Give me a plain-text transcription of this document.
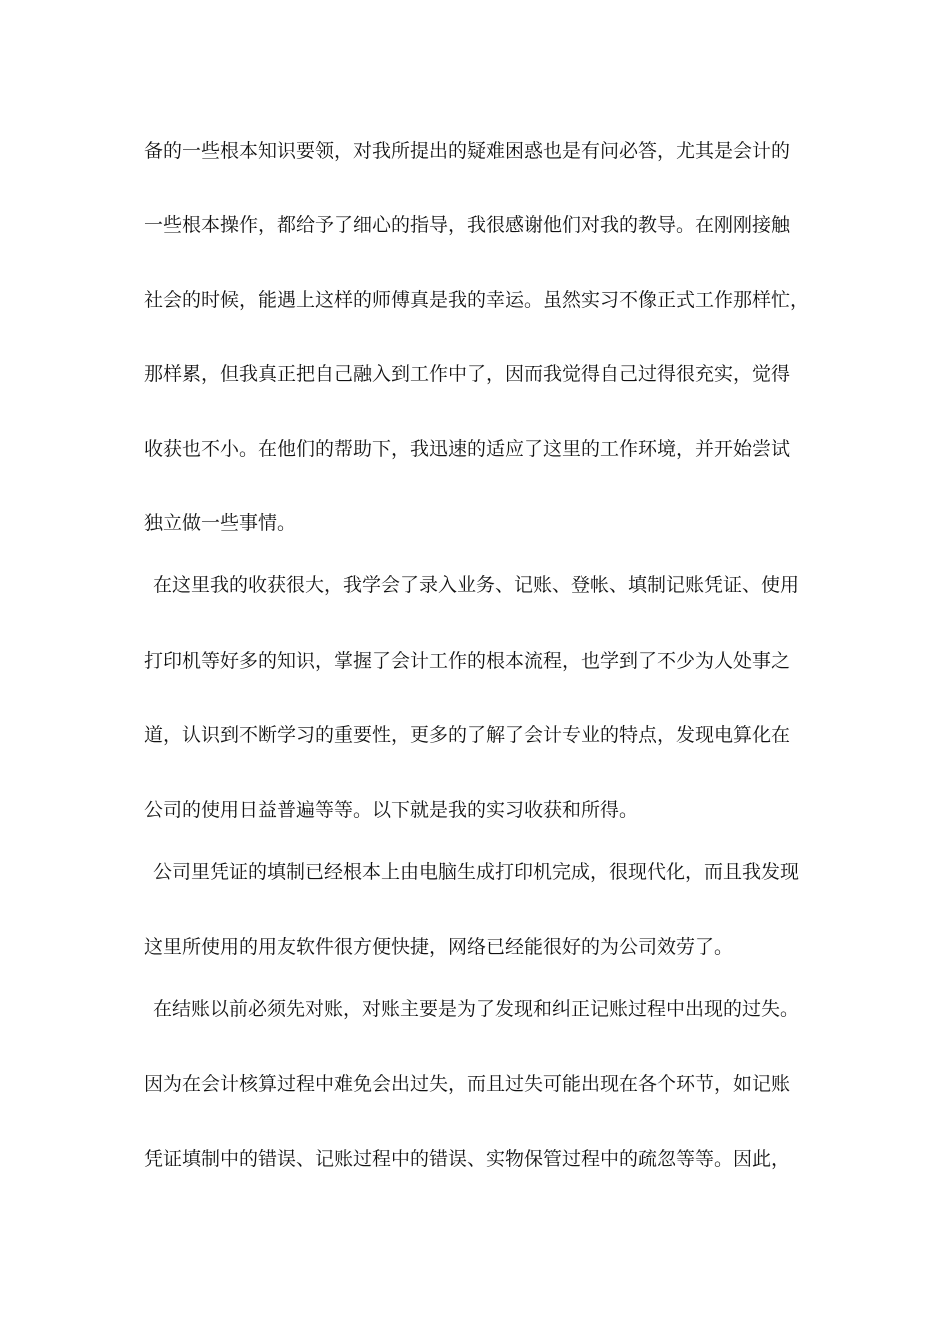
备的一些根本知识要领，对我所提出的疑难困惑也是有问必答，尤其是会计的
一些根本操作，都给予了细心的指导，我很感谢他们对我的教导。在刚刚接触
社会的时候，能遇上这样的师傅真是我的幸运。虽然实习不像正式工作那样忙，
那样累，但我真正把自己融入到工作中了，因而我觉得自己过得很充实，觉得
收获也不小。在他们的帮助下，我迅速的适应了这里的工作环境，并开始尝试
独立做一些事情。
在这里我的收获很大，我学会了录入业务、记账、登帐、填制记账凭证、使用
打印机等好多的知识，掌握了会计工作的根本流程，也学到了不少为人处事之
道，认识到不断学习的重要性，更多的了解了会计专业的特点，发现电算化在
公司的使用日益普遍等等。以下就是我的实习收获和所得。
公司里凭证的填制已经根本上由电脑生成打印机完成，很现代化，而且我发现
这里所使用的用友软件很方便快捷，网络已经能很好的为公司效劳了。
在结账以前必须先对账，对账主要是为了发现和纠正记账过程中出现的过失。
因为在会计核算过程中难免会出过失，而且过失可能出现在各个环节，如记账
凭证填制中的错误、记账过程中的错误、实物保管过程中的疏忽等等。因此，
